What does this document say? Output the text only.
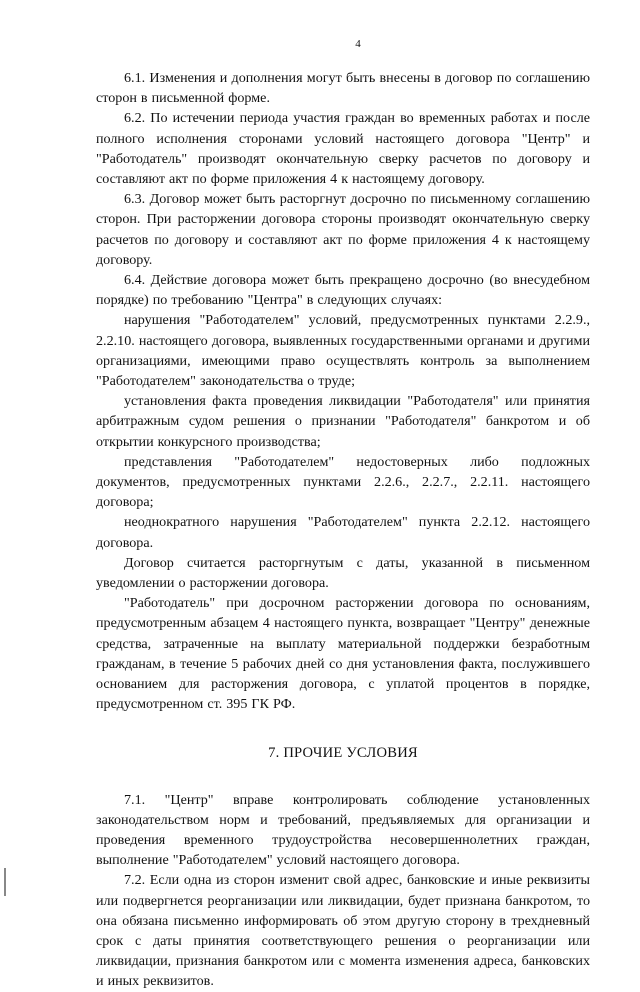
4

6.1. Изменения и дополнения могут быть внесены в договор по соглашению сторон в письменной форме.

6.2. По истечении периода участия граждан во временных работах и после полного исполнения сторонами условий настоящего договора "Центр" и "Работодатель" производят окончательную сверку расчетов по договору и составляют акт по форме приложения 4 к настоящему договору.

6.3. Договор может быть расторгнут досрочно по письменному соглашению сторон. При расторжении договора стороны производят окончательную сверку расчетов по договору и составляют акт по форме приложения 4 к настоящему договору.

6.4. Действие договора может быть прекращено досрочно (во внесудебном порядке) по требованию "Центра" в следующих случаях:

нарушения "Работодателем" условий, предусмотренных пунктами 2.2.9., 2.2.10. настоящего договора, выявленных государственными органами и другими организациями, имеющими право осуществлять контроль за выполнением "Работодателем" законодательства о труде;

установления факта проведения ликвидации "Работодателя" или принятия арбитражным судом решения о признании "Работодателя" банкротом и об открытии конкурсного производства;

представления "Работодателем" недостоверных либо подложных документов, предусмотренных пунктами 2.2.6., 2.2.7., 2.2.11. настоящего договора;

неоднократного нарушения "Работодателем" пункта 2.2.12. настоящего договора.

Договор считается расторгнутым с даты, указанной в письменном уведомлении о расторжении договора.

"Работодатель" при досрочном расторжении договора по основаниям, предусмотренным абзацем 4 настоящего пункта, возвращает "Центру" денежные средства, затраченные на выплату материальной поддержки безработным гражданам, в течение 5 рабочих дней со дня установления факта, послужившего основанием для расторжения договора, с уплатой процентов в порядке, предусмотренном ст. 395 ГК РФ.

7. ПРОЧИЕ УСЛОВИЯ

7.1. "Центр" вправе контролировать соблюдение установленных законодательством норм и требований, предъявляемых для организации и проведения временного трудоустройства несовершеннолетних граждан, выполнение "Работодателем" условий настоящего договора.

7.2. Если одна из сторон изменит свой адрес, банковские и иные реквизиты или подвергнется реорганизации или ликвидации, будет признана банкротом, то она обязана письменно информировать об этом другую сторону в трехдневный срок с даты принятия соответствующего решения о реорганизации или ликвидации, признания банкротом или с момента изменения адреса, банковских и иных реквизитов.
